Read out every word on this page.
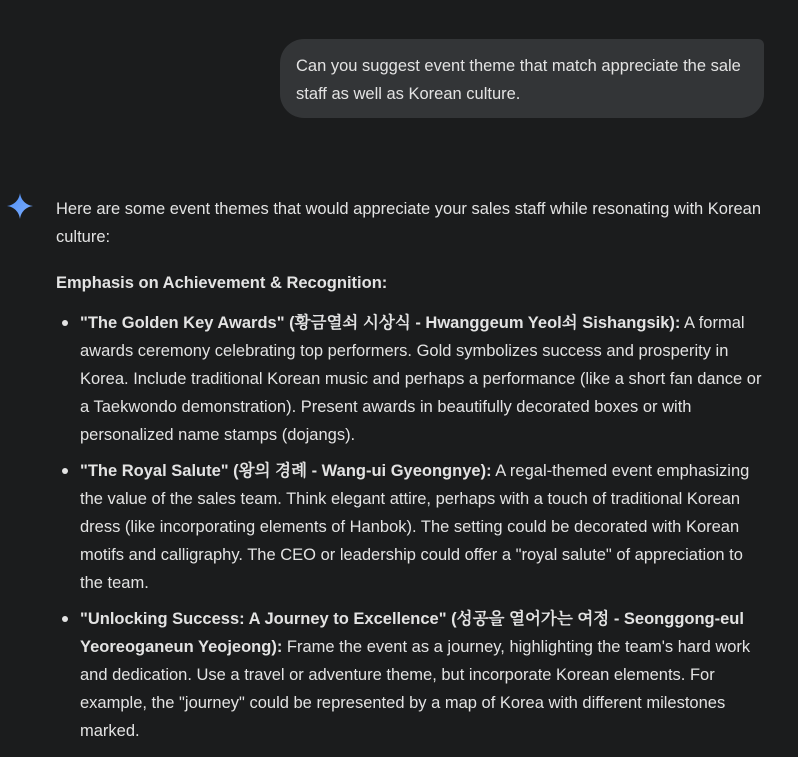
Can you suggest event theme that match appreciate the sale staff as well as Korean culture.

Here are some event themes that would appreciate your sales staff while resonating with Korean culture:

Emphasis on Achievement & Recognition:

"The Golden Key Awards" (황금열쇠 시상식 - Hwanggeum Yeol쇠 Sishangsik): A formal awards ceremony celebrating top performers. Gold symbolizes success and prosperity in Korea. Include traditional Korean music and perhaps a performance (like a short fan dance or a Taekwondo demonstration). Present awards in beautifully decorated boxes or with personalized name stamps (dojangs).
"The Royal Salute" (왕의 경례 - Wang-ui Gyeongnye): A regal-themed event emphasizing the value of the sales team. Think elegant attire, perhaps with a touch of traditional Korean dress (like incorporating elements of Hanbok). The setting could be decorated with Korean motifs and calligraphy. The CEO or leadership could offer a "royal salute" of appreciation to the team.
"Unlocking Success: A Journey to Excellence" (성공을 열어가는 여정 - Seonggong-eul Yeoreoganeun Yeojeong): Frame the event as a journey, highlighting the team's hard work and dedication. Use a travel or adventure theme, but incorporate Korean elements. For example, the "journey" could be represented by a map of Korea with different milestones marked.
